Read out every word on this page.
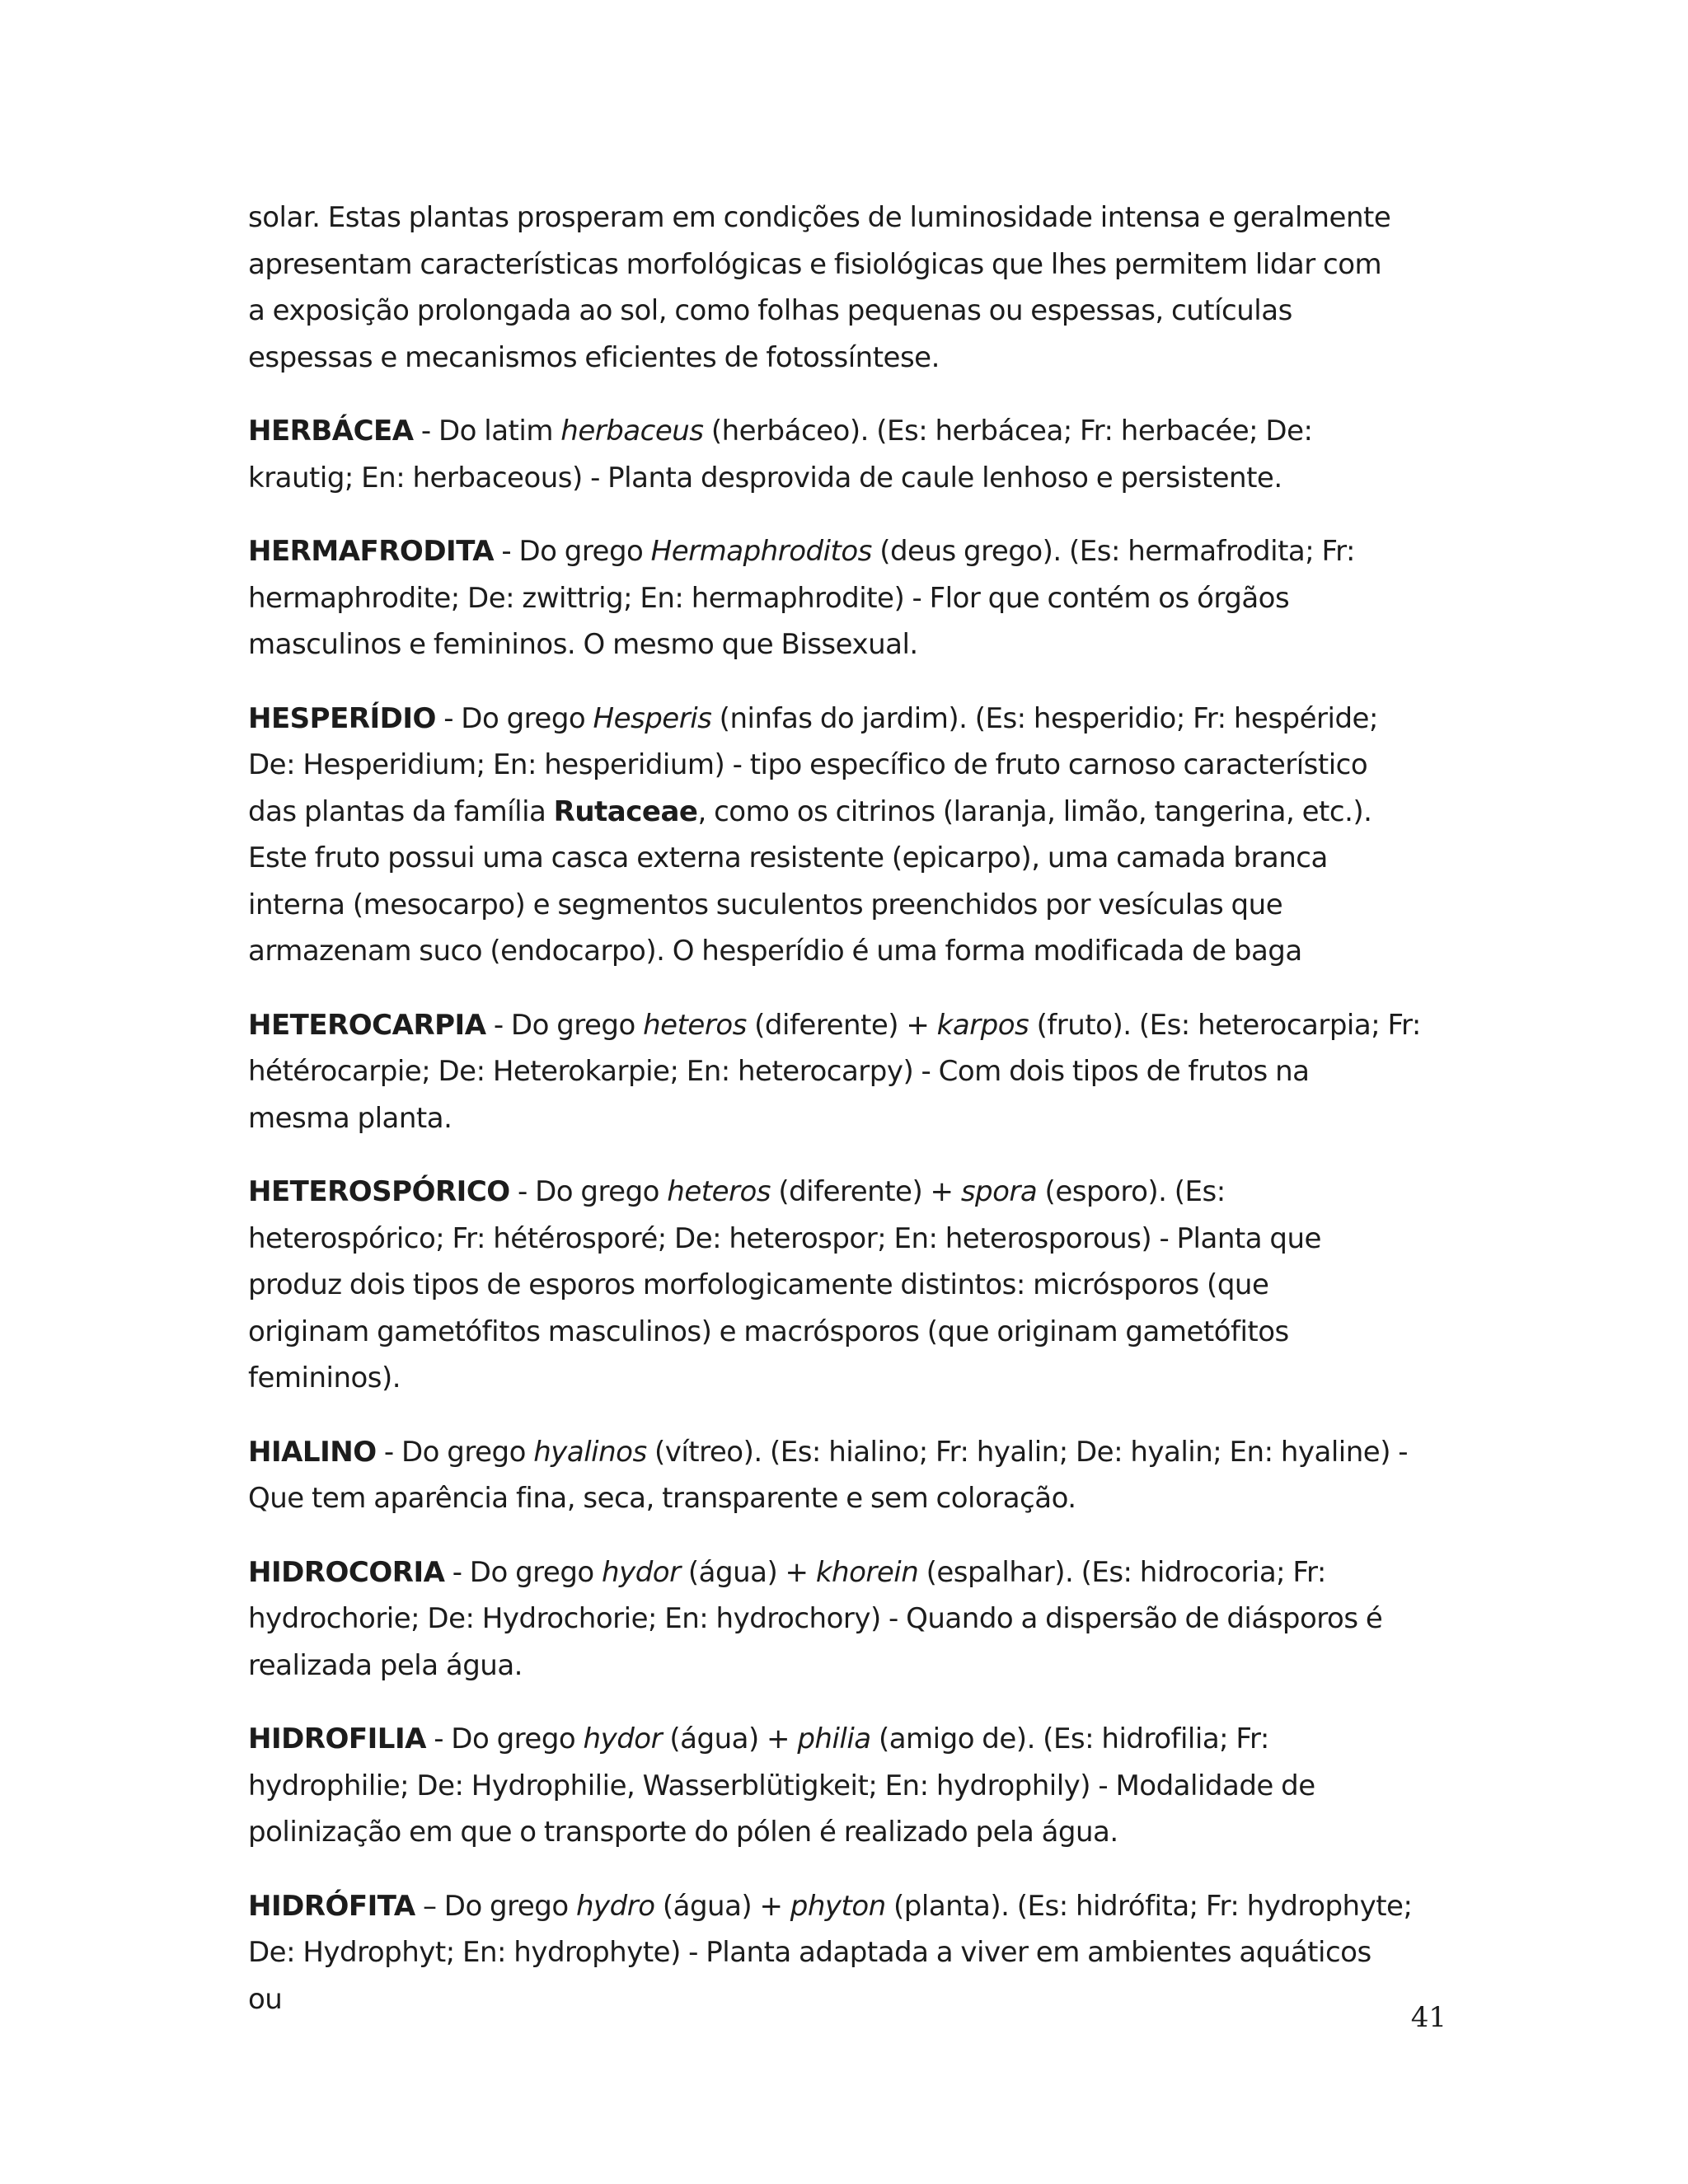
solar. Estas plantas prosperam em condições de luminosidade intensa e geralmente
apresentam características morfológicas e fisiológicas que lhes permitem lidar com
a exposição prolongada ao sol, como folhas pequenas ou espessas, cutículas
espessas e mecanismos eficientes de fotossíntese.

HERBÁCEA - Do latim herbaceus (herbáceo). (Es: herbácea; Fr: herbacée; De:
krautig; En: herbaceous) - Planta desprovida de caule lenhoso e persistente.

HERMAFRODITA - Do grego Hermaphroditos (deus grego). (Es: hermafrodita; Fr:
hermaphrodite; De: zwittrig; En: hermaphrodite) - Flor que contém os órgãos
masculinos e femininos. O mesmo que Bissexual.

HESPERÍDIO - Do grego Hesperis (ninfas do jardim). (Es: hesperidio; Fr: hespéride;
De: Hesperidium; En: hesperidium) - tipo específico de fruto carnoso característico
das plantas da família Rutaceae, como os citrinos (laranja, limão, tangerina, etc.).
Este fruto possui uma casca externa resistente (epicarpo), uma camada branca
interna (mesocarpo) e segmentos suculentos preenchidos por vesículas que
armazenam suco (endocarpo). O hesperídio é uma forma modificada de baga

HETEROCARPIA - Do grego heteros (diferente) + karpos (fruto). (Es: heterocarpia; Fr:
hétérocarpie; De: Heterokarpie; En: heterocarpy) - Com dois tipos de frutos na
mesma planta.

HETEROSPÓRICO - Do grego heteros (diferente) + spora (esporo). (Es:
heterospórico; Fr: hétérosporé; De: heterospor; En: heterosporous) - Planta que
produz dois tipos de esporos morfologicamente distintos: micrósporos (que
originam gametófitos masculinos) e macrósporos (que originam gametófitos
femininos).

HIALINO - Do grego hyalinos (vítreo). (Es: hialino; Fr: hyalin; De: hyalin; En: hyaline) -
Que tem aparência fina, seca, transparente e sem coloração.

HIDROCORIA - Do grego hydor (água) + khorein (espalhar). (Es: hidrocoria; Fr:
hydrochorie; De: Hydrochorie; En: hydrochory) - Quando a dispersão de diásporos é
realizada pela água.

HIDROFILIA - Do grego hydor (água) + philia (amigo de). (Es: hidrofilia; Fr:
hydrophilie; De: Hydrophilie, Wasserblütigkeit; En: hydrophily) - Modalidade de
polinização em que o transporte do pólen é realizado pela água.

HIDRÓFITA – Do grego hydro (água) + phyton (planta). (Es: hidrófita; Fr: hydrophyte;
De: Hydrophyt; En: hydrophyte) - Planta adaptada a viver em ambientes aquáticos
ou

41
